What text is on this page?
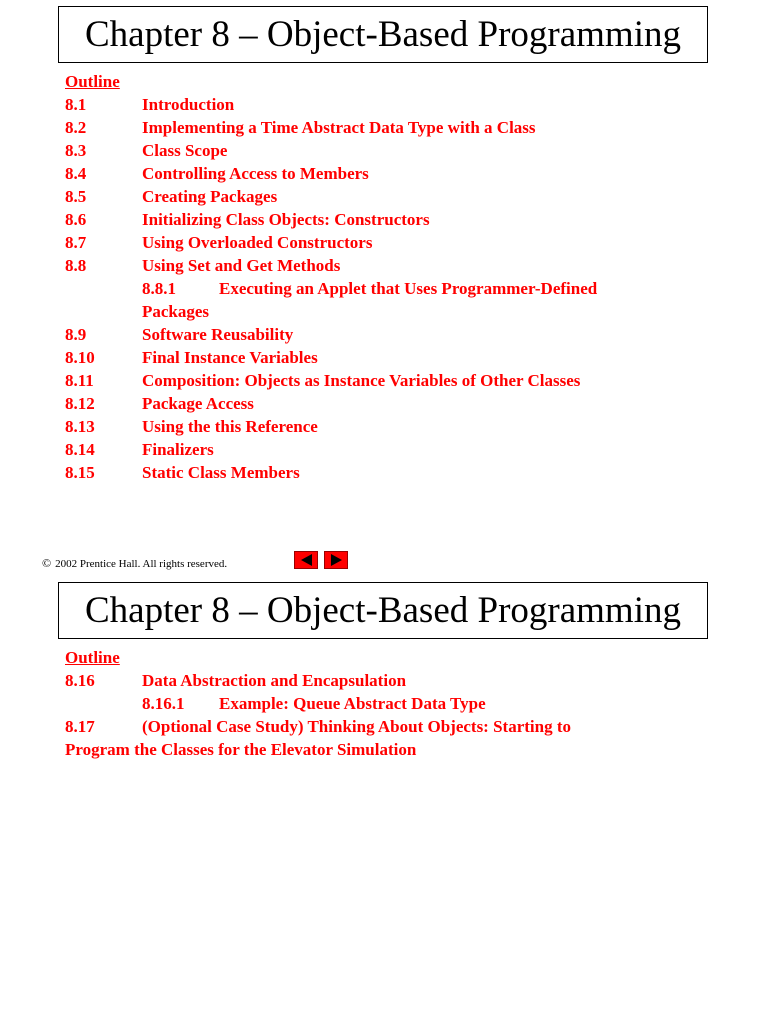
Chapter 8 – Object-Based Programming
Outline
8.1	Introduction
8.2	Implementing a Time Abstract Data Type with a Class
8.3	Class Scope
8.4	Controlling Access to Members
8.5	Creating Packages
8.6	Initializing Class Objects: Constructors
8.7	Using Overloaded Constructors
8.8	Using Set and Get Methods
8.8.1	Executing an Applet that Uses Programmer-Defined
Packages
8.9	Software Reusability
8.10	Final Instance Variables
8.11	Composition: Objects as Instance Variables of Other Classes
8.12	Package Access
8.13	Using the this Reference
8.14	Finalizers
8.15	Static Class Members
© 2002 Prentice Hall. All rights reserved.
Chapter 8 – Object-Based Programming
Outline
8.16	Data Abstraction and Encapsulation
8.16.1	Example: Queue Abstract Data Type
8.17	(Optional Case Study) Thinking About Objects: Starting to
Program the Classes for the Elevator Simulation
